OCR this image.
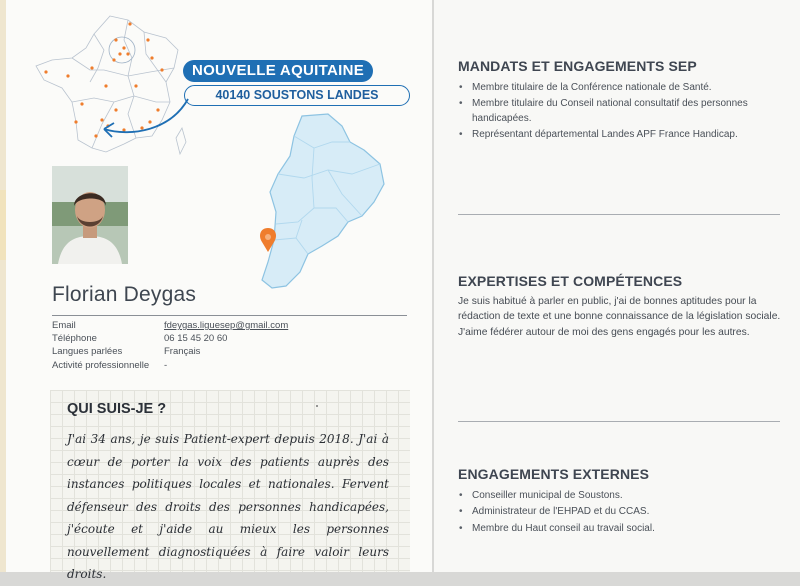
NOUVELLE AQUITAINE
40140 SOUSTONS LANDES
Florian Deygas
Email	fdeygas.liguesep@gmail.com
Téléphone	06 15 45 20 60
Langues parlées	Français
Activité professionnelle -
QUI SUIS-JE ?
J'ai 34 ans, je suis Patient-expert depuis 2018. J'ai à cœur de porter la voix des patients auprès des instances politiques locales et nationales. Fervent défenseur des droits des personnes handicapées, j'écoute et j'aide au mieux les personnes nouvellement diagnostiquées à faire valoir leurs droits.
MANDATS ET ENGAGEMENTS SEP
• Membre titulaire de la Conférence nationale de Santé.
• Membre titulaire du Conseil national consultatif des personnes handicapées.
• Représentant départemental Landes APF France Handicap.
EXPERTISES ET COMPÉTENCES
Je suis habitué à parler en public, j'ai de bonnes aptitudes pour la rédaction de texte et une bonne connaissance de la législation sociale. J'aime fédérer autour de moi des gens engagés pour les autres.
ENGAGEMENTS EXTERNES
• Conseiller municipal de Soustons.
• Administrateur de l'EHPAD et du CCAS.
• Membre du Haut conseil au travail social.
